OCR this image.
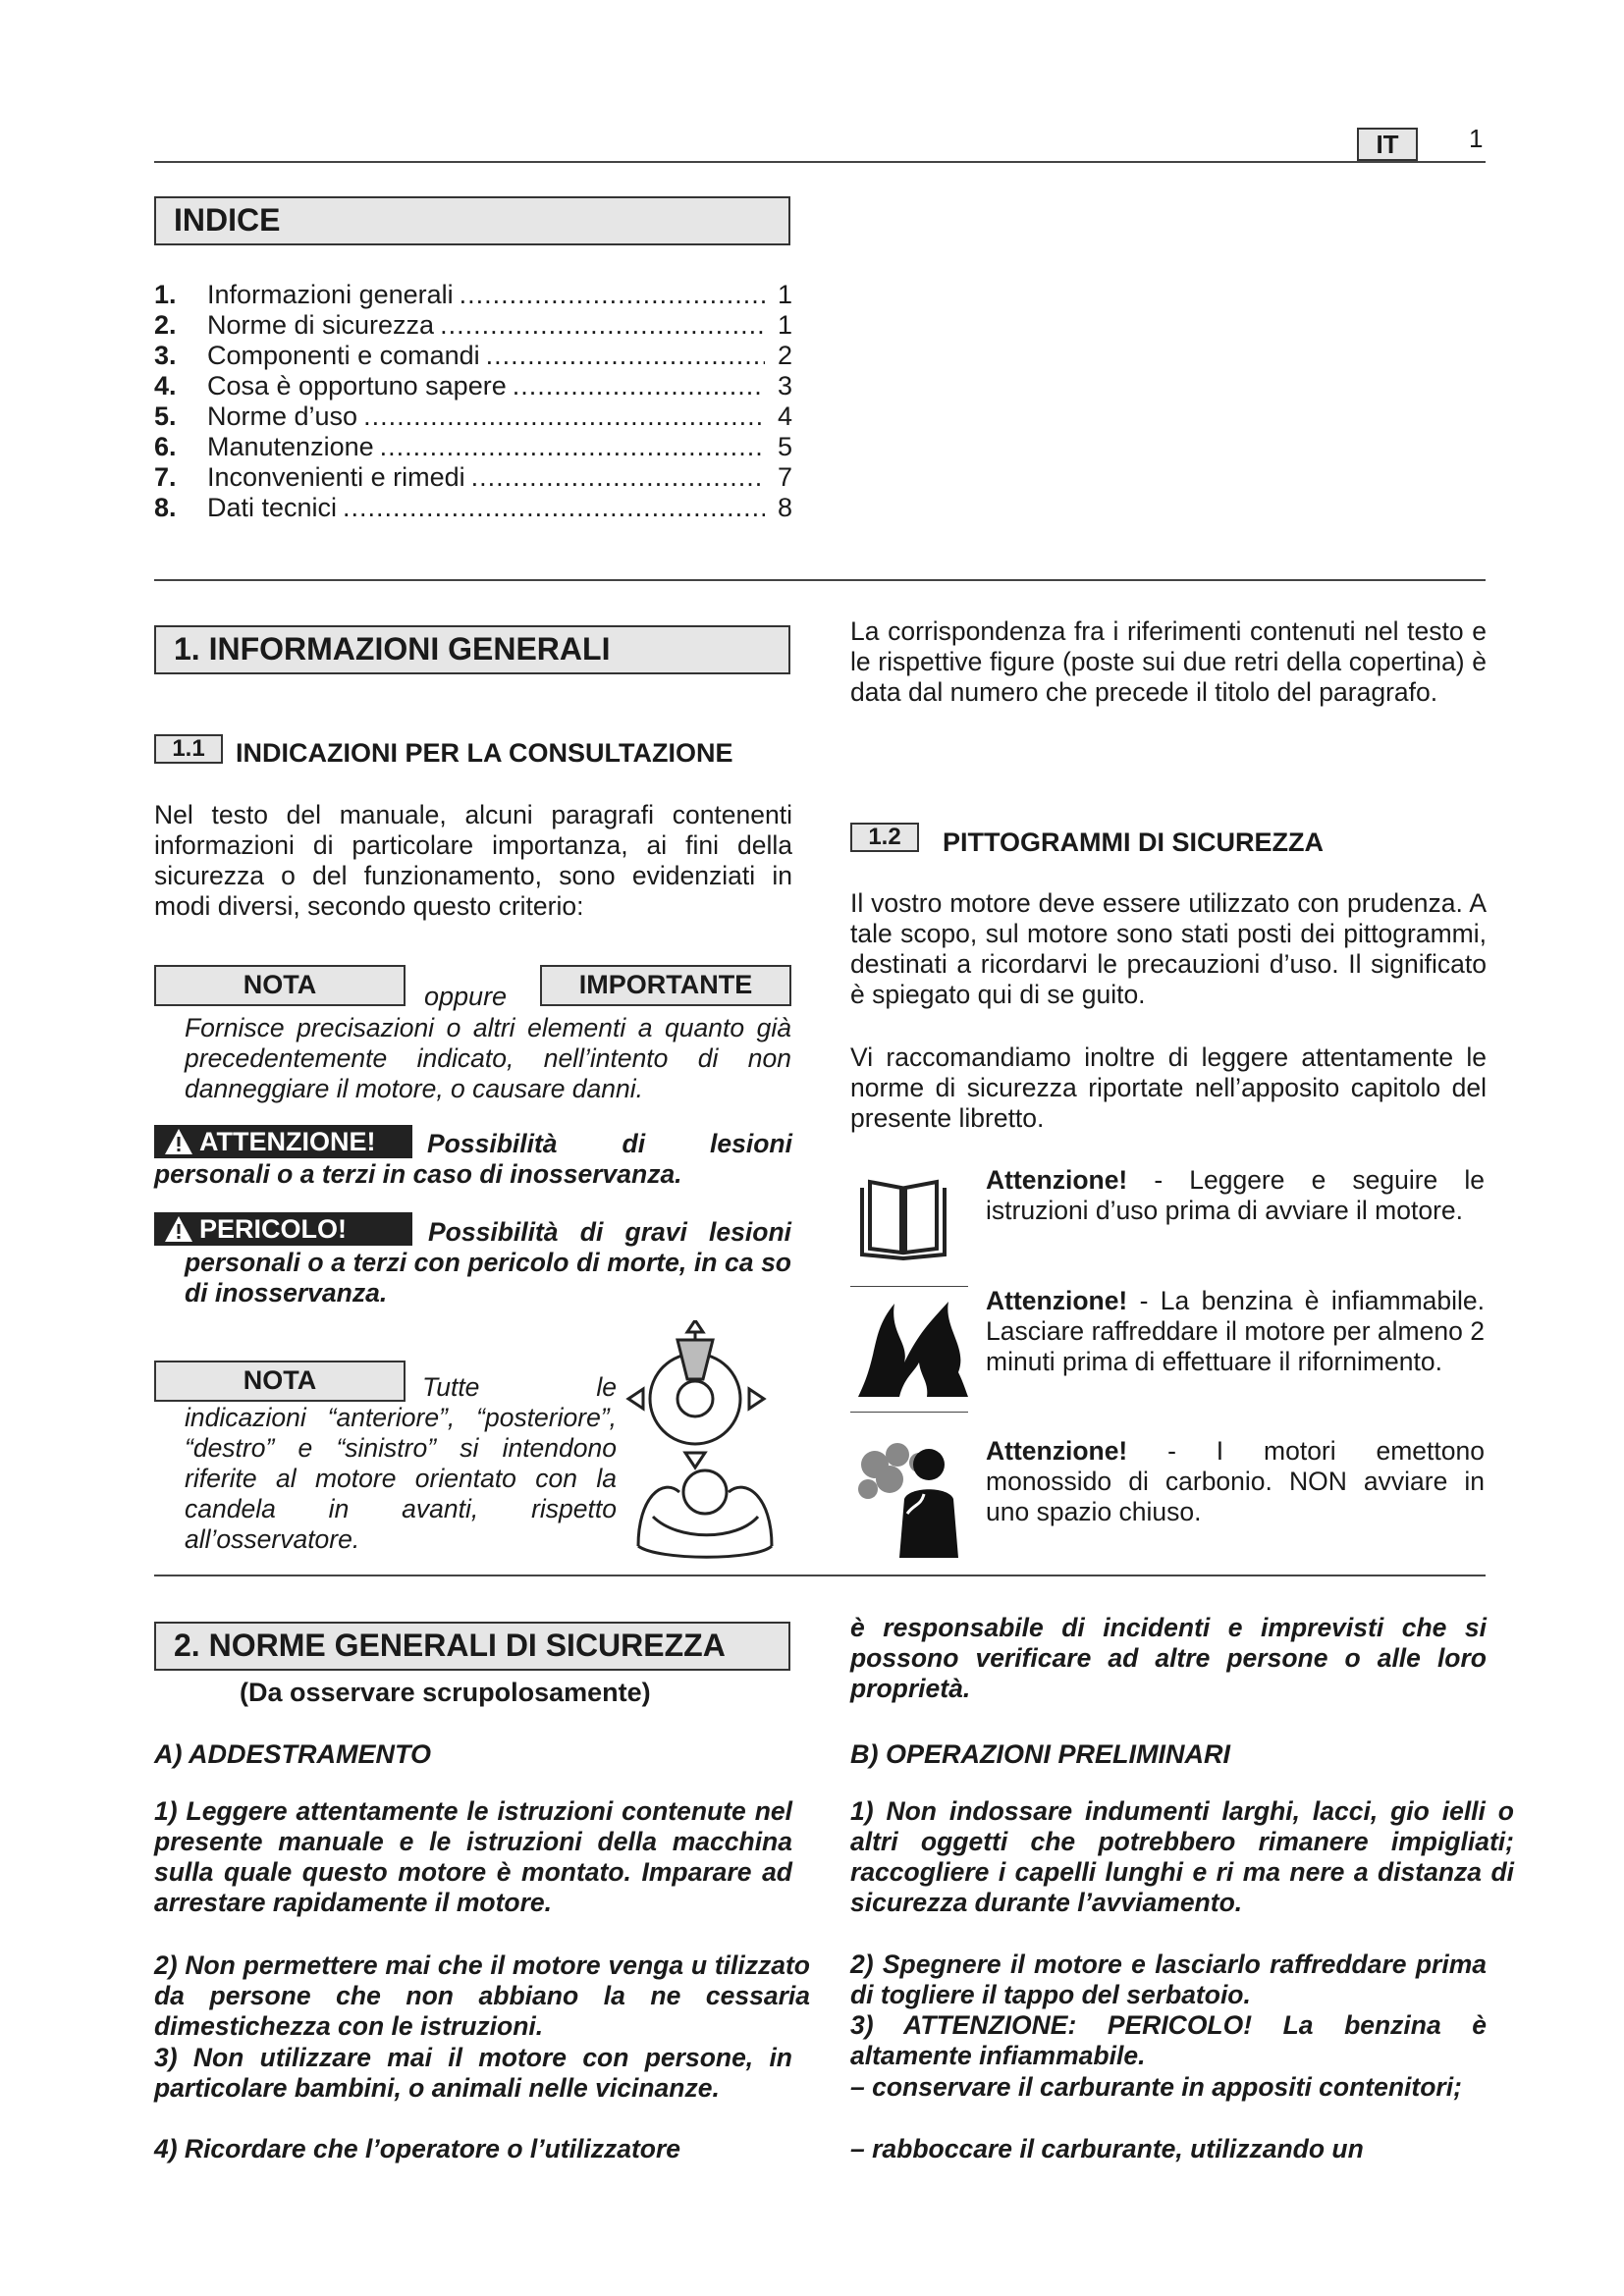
IT	1
INDICE
1.	Informazioni generali .....	1
2.	Norme di sicurezza .....	1
3.	Componenti e comandi .....	2
4.	Cosa è opportuno sapere .....	3
5.	Norme d’uso .....	4
6.	Manutenzione .....	5
7.	Inconvenienti e rimedi .....	7
8.	Dati tecnici .....	8
1. INFORMAZIONI GENERALI
1.1	INDICAZIONI PER LA CONSULTAZIONE
Nel testo del manuale, alcuni paragrafi contenenti informazioni di particolare importanza, ai fini della sicurezza o del funzionamento, sono evidenziati in modi diversi, secondo questo criterio:
NOTA	oppure	IMPORTANTE
Fornisce precisazioni o altri elementi a quanto già precedentemente indicato, nell’intento di non danneggiare il motore, o causare danni.
ATTENZIONE!	Possibilità di lesioni personali o a terzi in caso di inosservanza.
PERICOLO!	Possibilità di gravi lesioni personali o a terzi con pericolo di morte, in ca so di inosservanza.
NOTA	Tutte le indicazioni “anteriore”, “posteriore”, “destro” e “sinistro” si intendono riferite al motore orientato con la candela in avanti, rispetto all’osservatore.
La corrispondenza fra i riferimenti contenuti nel testo e le rispettive figure (poste sui due retri della copertina) è data dal numero che precede il titolo del paragrafo.
1.2	PITTOGRAMMI DI SICUREZZA
Il vostro motore deve essere utilizzato con prudenza. A tale scopo, sul motore sono stati posti dei pittogrammi, destinati a ricordarvi le precauzioni d’uso. Il significato è spiegato qui di se guito.
Vi raccomandiamo inoltre di leggere attentamente le norme di sicurezza riportate nell’apposito capitolo del presente libretto.
Attenzione! - Leggere e seguire le istruzioni d’uso prima di avviare il motore.
Attenzione! - La benzina è infiammabile. Lasciare raffreddare il motore per almeno 2 minuti prima di effettuare il rifornimento.
Attenzione! - I motori emettono monossido di carbonio. NON avviare in uno spazio chiuso.
2. NORME GENERALI DI SICUREZZA
(Da osservare scrupolosamente)
A) ADDESTRAMENTO
1) Leggere attentamente le istruzioni contenute nel presente manuale e le istruzioni della macchina sulla quale questo motore è montato. Imparare ad arrestare rapidamente il motore.
2) Non permettere mai che il motore venga u tilizzato da persone che non abbiano la ne cessaria dimestichezza con le istruzioni.
3) Non utilizzare mai il motore con persone, in particolare bambini, o animali nelle vicinanze.
4) Ricordare che l’operatore o l’utilizzatore
è responsabile di incidenti e imprevisti che si possono verificare ad altre persone o alle loro proprietà.
B) OPERAZIONI PRELIMINARI
1) Non indossare indumenti larghi, lacci, gio ielli o altri oggetti che potrebbero rimanere impigliati; raccogliere i capelli lunghi e ri ma nere a distanza di sicurezza durante l’avviamento.
2) Spegnere il motore e lasciarlo raffreddare prima di togliere il tappo del serbatoio.
3) ATTENZIONE: PERICOLO! La benzina è altamente infiammabile.
– conservare il carburante in appositi contenitori;
– rabboccare il carburante, utilizzando un
